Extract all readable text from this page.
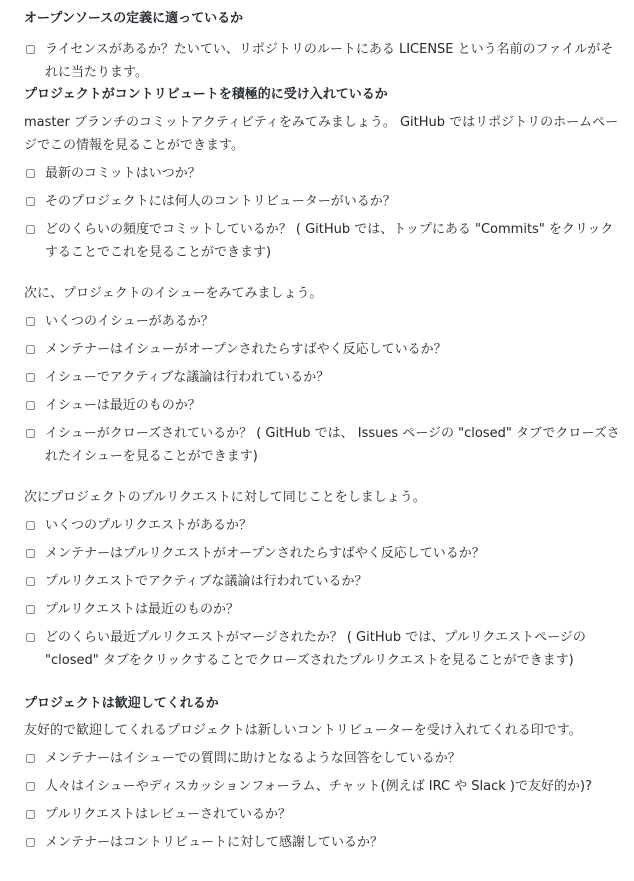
オープンソースの定義に適っているか
ライセンスがあるか？たいてい、リポジトリのルートにある LICENSE という名前のファイルがそれに当たります。
プロジェクトがコントリビュートを積極的に受け入れているか

master ブランチのコミットアクティビティをみてみましょう。 GitHub ではリポジトリのホームページでこの情報を見ることができます。

最新のコミットはいつか？
そのプロジェクトには何人のコントリビューターがいるか？
どのくらいの頻度でコミットしているか？ ( GitHub では、トップにある "Commits" をクリックすることでこれを見ることができます)

次に、プロジェクトのイシューをみてみましょう。

いくつのイシューがあるか？
メンテナーはイシューがオープンされたらすばやく反応しているか？
イシューでアクティブな議論は行われているか？
イシューは最近のものか？
イシューがクローズされているか？ ( GitHub では、 Issues ページの "closed" タブでクローズされたイシューを見ることができます)

次にプロジェクトのプルリクエストに対して同じことをしましょう。

いくつのプルリクエストがあるか？
メンテナーはプルリクエストがオープンされたらすばやく反応しているか？
プルリクエストでアクティブな議論は行われているか？
プルリクエストは最近のものか？
どのくらい最近プルリクエストがマージされたか？ ( GitHub では、プルリクエストページの "closed" タブをクリックすることでクローズされたプルリクエストを見ることができます)
プロジェクトは歓迎してくれるか

友好的で歓迎してくれるプロジェクトは新しいコントリビューターを受け入れてくれる印です。

メンテナーはイシューでの質問に助けとなるような回答をしているか？
人々はイシューやディスカッションフォーラム、チャット(例えば IRC や Slack )で友好的か)?
プルリクエストはレビューされているか？
メンテナーはコントリビュートに対して感謝しているか？
